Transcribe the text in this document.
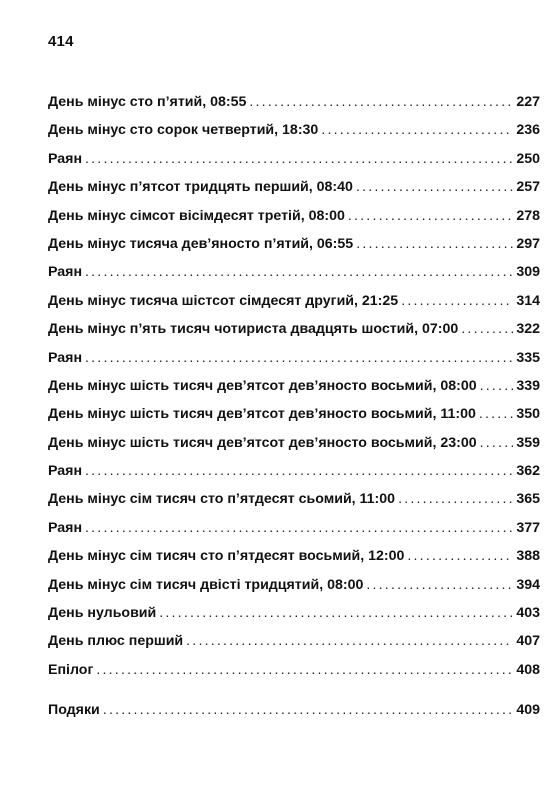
414
День мінус сто п’ятий, 08:55 .....	227
День мінус сто сорок четвертий, 18:30 .....	236
Раян .....	250
День мінус п’ятсот тридцять перший, 08:40 .....	257
День мінус сімсот вісімдесят третій, 08:00 .....	278
День мінус тисяча дев’яносто п’ятий, 06:55 .....	297
Раян .....	309
День мінус тисяча шістсот сімдесят другий, 21:25 .....	314
День мінус п’ять тисяч чотириста двадцять шостий, 07:00 .....	322
Раян .....	335
День мінус шість тисяч дев’ятсот дев’яносто восьмий, 08:00 .....	339
День мінус шість тисяч дев’ятсот дев’яносто восьмий, 11:00 .....	350
День мінус шість тисяч дев’ятсот дев’яносто восьмий, 23:00 .....	359
Раян .....	362
День мінус сім тисяч сто п’ятдесят сьомий, 11:00 .....	365
Раян .....	377
День мінус сім тисяч сто п’ятдесят восьмий, 12:00 .....	388
День мінус сім тисяч двісті тридцятий, 08:00 .....	394
День нульовий .....	403
День плюс перший .....	407
Епілог .....	408
Подяки .....	409
